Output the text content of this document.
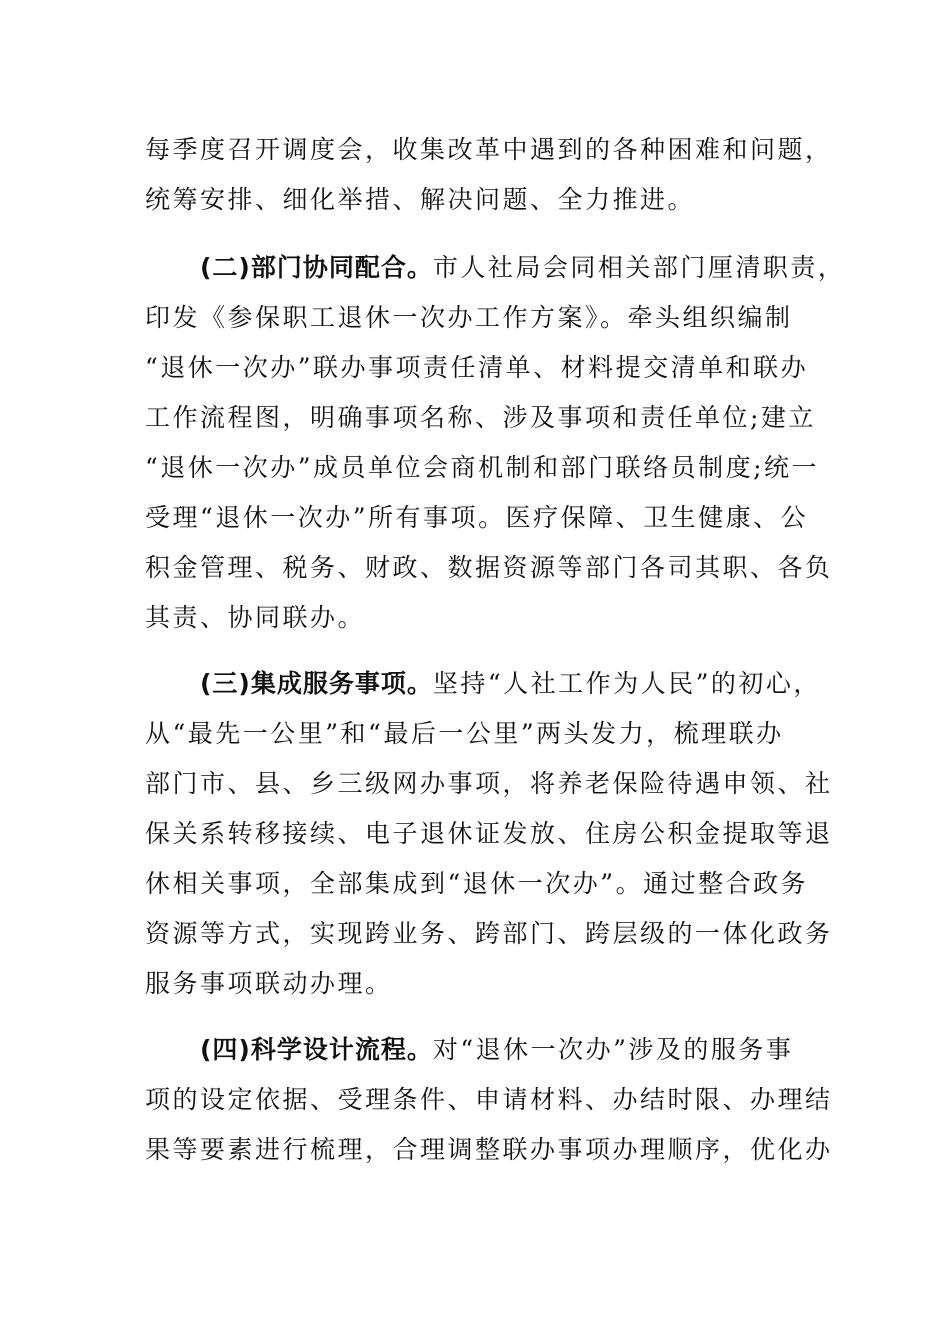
每季度召开调度会，收集改革中遇到的各种困难和问题，
统筹安排、细化举措、解决问题、全力推进。
(二)部门协同配合。市人社局会同相关部门厘清职责，
印发《参保职工退休一次办工作方案》。牵头组织编制
“退休一次办”联办事项责任清单、材料提交清单和联办
工作流程图，明确事项名称、涉及事项和责任单位;建立
“退休一次办”成员单位会商机制和部门联络员制度;统一
受理“退休一次办”所有事项。医疗保障、卫生健康、公
积金管理、税务、财政、数据资源等部门各司其职、各负
其责、协同联办。
(三)集成服务事项。坚持“人社工作为人民”的初心，
从“最先一公里”和“最后一公里”两头发力，梳理联办
部门市、县、乡三级网办事项，将养老保险待遇申领、社
保关系转移接续、电子退休证发放、住房公积金提取等退
休相关事项，全部集成到“退休一次办”。通过整合政务
资源等方式，实现跨业务、跨部门、跨层级的一体化政务
服务事项联动办理。
(四)科学设计流程。对“退休一次办”涉及的服务事
项的设定依据、受理条件、申请材料、办结时限、办理结
果等要素进行梳理，合理调整联办事项办理顺序，优化办
